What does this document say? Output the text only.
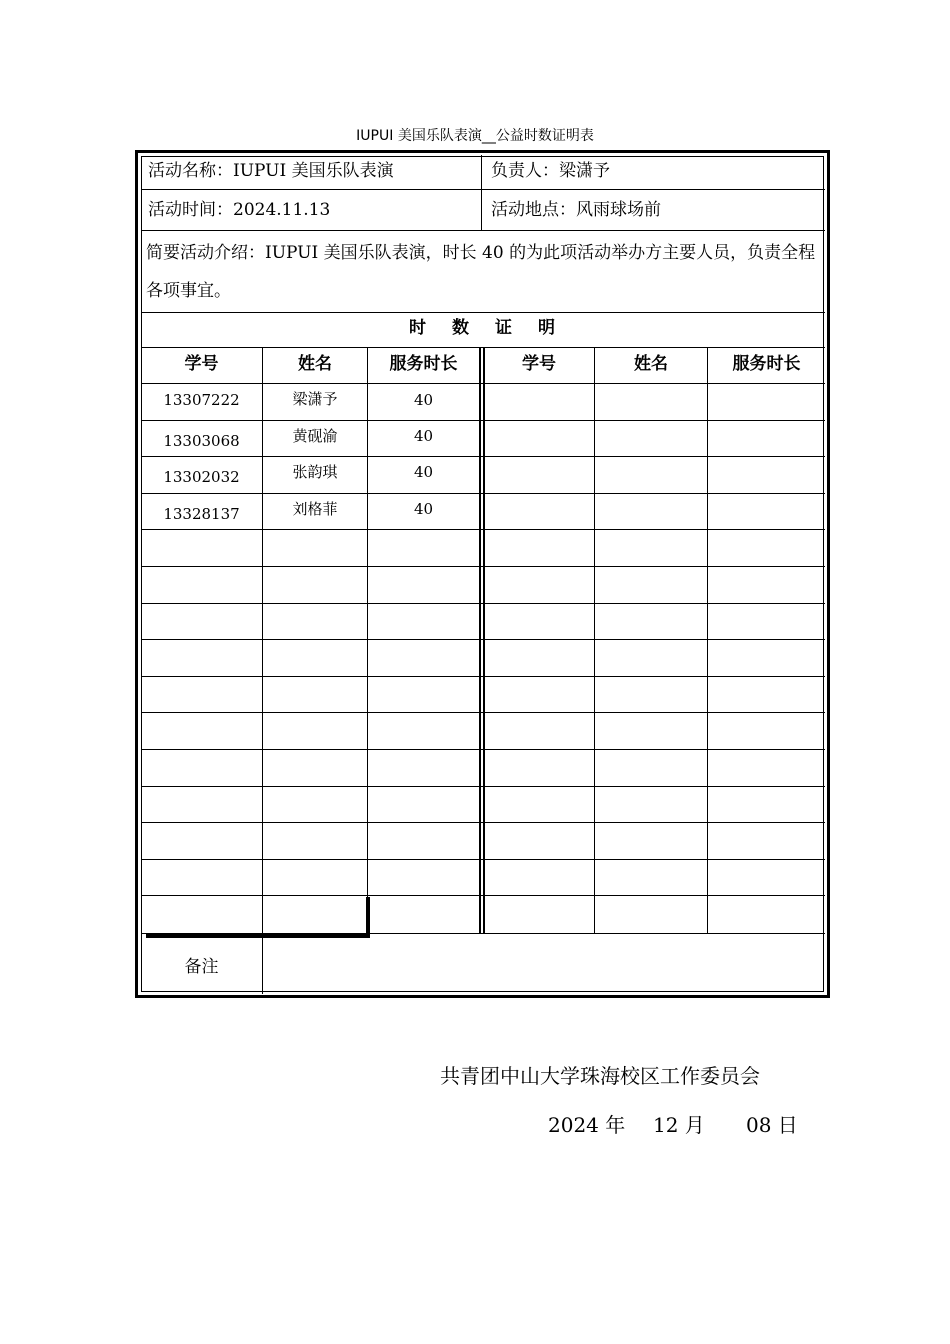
IUPUI 美国乐队表演__公益时数证明表
活动名称：IUPUI 美国乐队表演	负责人：梁潇予
活动时间：2024.11.13	活动地点：风雨球场前
简要活动介绍：IUPUI 美国乐队表演，时长 40 的为此项活动举办方主要人员，负责全程各项事宜。
时数证明
学号	姓名	服务时长	学号	姓名	服务时长
13307222	梁潇予	40
13303068	黄砚渝	40
13302032	张韵琪	40
13328137	刘格菲	40
备注
共青团中山大学珠海校区工作委员会
2024 年 12 月 08 日
